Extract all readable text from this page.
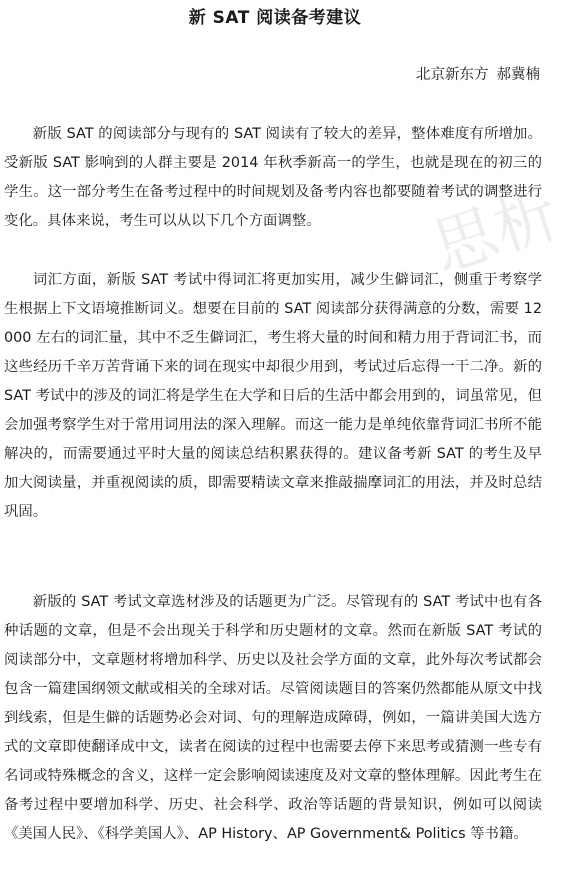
新 SAT 阅读备考建议
北京新东方 郝冀楠

新版 SAT 的阅读部分与现有的 SAT 阅读有了较大的差异，整体难度有所增加。受新版 SAT 影响到的人群主要是 2014 年秋季新高一的学生，也就是现在的初三的学生。这一部分考生在备考过程中的时间规划及备考内容也都要随着考试的调整进行变化。具体来说，考生可以从以下几个方面调整。

词汇方面，新版 SAT 考试中得词汇将更加实用，减少生僻词汇，侧重于考察学生根据上下文语境推断词义。想要在目前的 SAT 阅读部分获得满意的分数，需要 12000 左右的词汇量，其中不乏生僻词汇，考生将大量的时间和精力用于背词汇书，而这些经历千辛万苦背诵下来的词在现实中却很少用到，考试过后忘得一干二净。新的 SAT 考试中的涉及的词汇将是学生在大学和日后的生活中都会用到的，词虽常见，但会加强考察学生对于常用词用法的深入理解。而这一能力是单纯依靠背词汇书所不能解决的，而需要通过平时大量的阅读总结积累获得的。建议备考新 SAT 的考生及早加大阅读量，并重视阅读的质，即需要精读文章来推敲揣摩词汇的用法，并及时总结巩固。

新版的 SAT 考试文章选材涉及的话题更为广泛。尽管现有的 SAT 考试中也有各种话题的文章，但是不会出现关于科学和历史题材的文章。然而在新版 SAT 考试的阅读部分中，文章题材将增加科学、历史以及社会学方面的文章，此外每次考试都会包含一篇建国纲领文献或相关的全球对话。尽管阅读题目的答案仍然都能从原文中找到线索，但是生僻的话题势必会对词、句的理解造成障碍，例如，一篇讲美国大选方式的文章即使翻译成中文，读者在阅读的过程中也需要去停下来思考或猜测一些专有名词或特殊概念的含义，这样一定会影响阅读速度及对文章的整体理解。因此考生在备考过程中要增加科学、历史、社会科学、政治等话题的背景知识，例如可以阅读《美国人民》、《科学美国人》、AP History、AP Government& Politics 等书籍。

思析
